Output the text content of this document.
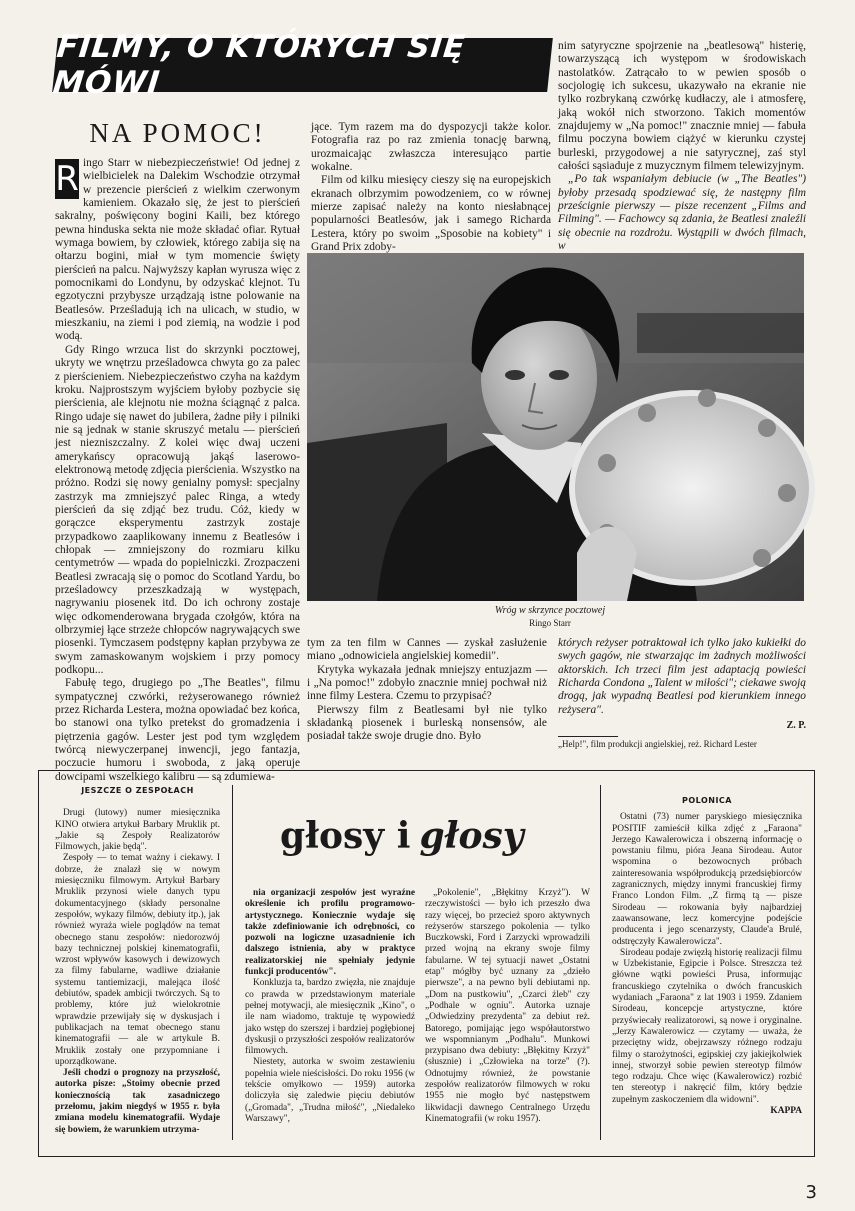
FILMY, O KTÓRYCH SIĘ MÓWI
NA POMOC!

R ingo Starr w niebezpieczeństwie! Od jednej z wielbicielek na Dalekim Wschodzie otrzymał w prezencie pierścień z wielkim czerwonym kamieniem. Okazało się, że jest to pierścień sakralny, poświęcony bogini Kaili, bez którego pewna hinduska sekta nie może składać ofiar. Rytuał wymaga bowiem, by człowiek, którego zabija się na ołtarzu bogini, miał w tym momencie święty pierścień na palcu. Najwyższy kapłan wyrusza więc z pomocnikami do Londynu, by odzyskać klejnot. Tu egzotyczni przybysze urządzają istne polowanie na Beatlesów. Prześladują ich na ulicach, w studio, w mieszkaniu, na ziemi i pod ziemią, na wodzie i pod wodą.

Gdy Ringo wrzuca list do skrzynki pocztowej, ukryty we wnętrzu prześladowca chwyta go za palec z pierścieniem. Niebezpieczeństwo czyha na każdym kroku. Najprostszym wyjściem byłoby pozbycie się pierścienia, ale klejnotu nie można ściągnąć z palca. Ringo udaje się nawet do jubilera, żadne piły i pilniki nie są jednak w stanie skruszyć metalu — pierścień jest niezniszczalny. Z kolei więc dwaj uczeni amerykańscy opracowują jakąś laserowo-elektronową metodę zdjęcia pierścienia. Wszystko na próżno. Rodzi się nowy genialny pomysł: specjalny zastrzyk ma zmniejszyć palec Ringa, a wtedy pierścień da się zdjąć bez trudu. Cóż, kiedy w gorączce eksperymentu zastrzyk zostaje przypadkowo zaaplikowany innemu z Beatlesów i chłopak — zmniejszony do rozmiaru kilku centymetrów — wpada do popielniczki. Zrozpaczeni Beatlesi zwracają się o pomoc do Scotland Yardu, bo prześladowcy przeszkadzają w występach, nagrywaniu piosenek itd. Do ich ochrony zostaje więc odkomenderowana brygada czołgów, która na olbrzymiej łące strzeże chłopców nagrywających swe piosenki. Tymczasem podstępny kapłan przybywa ze swym zamaskowanym wojskiem i przy pomocy podkopu...

Fabułę tego, drugiego po „The Beatles", filmu sympatycznej czwórki, reżyserowanego również przez Richarda Lestera, można opowiadać bez końca, bo stanowi ona tylko pretekst do gromadzenia i piętrzenia gagów. Lester jest pod tym względem twórcą niewyczerpanej inwencji, jego fantazja, poczucie humoru i swoboda, z jaką operuje dowcipami wszelkiego kalibru — są zdumiewa-

jące. Tym razem ma do dyspozycji także kolor. Fotografia raz po raz zmienia tonację barwną, urozmaicając zwłaszcza interesująco partie wokalne.

Film od kilku miesięcy cieszy się na europejskich ekranach olbrzymim powodzeniem, co w równej mierze zapisać należy na konto niesłabnącej popularności Beatlesów, jak i samego Richarda Lestera, który po swoim „Sposobie na kobiety" i Grand Prix zdoby-

nim satyryczne spojrzenie na „beatlesową" histerię, towarzyszącą ich występom w środowiskach nastolatków. Zatrącało to w pewien sposób o socjologię ich sukcesu, ukazywało na ekranie nie tylko rozbrykaną czwórkę kudłaczy, ale i atmosferę, jaką wokół nich stworzono. Takich momentów znajdujemy w „Na pomoc!" znacznie mniej — fabuła filmu poczyna bowiem ciążyć w kierunku czystej burleski, przygodowej a nie satyrycznej, zaś styl całości sąsiaduje z muzycznym filmem telewizyjnym.

„Po tak wspaniałym debiucie (w „The Beatles") byłoby przesadą spodziewać się, że następny film prześcignie pierwszy — pisze recenzent „Films and Filming". — Fachowcy są zdania, że Beatlesi znaleźli się obecnie na rozdrożu. Wystąpili w dwóch filmach, w

Wróg w skrzynce pocztowej
Ringo Starr

tym za ten film w Cannes — zyskał zasłużenie miano „odnowiciela angielskiej komedii".

Krytyka wykazała jednak mniejszy entuzjazm — i „Na pomoc!" zdobyło znacznie mniej pochwał niż inne filmy Lestera. Czemu to przypisać?

Pierwszy film z Beatlesami był nie tylko składanką piosenek i burleską nonsensów, ale posiadał także swoje drugie dno. Było

których reżyser potraktował ich tylko jako kukiełki do swych gagów, nie stwarzając im żadnych możliwości aktorskich. Ich trzeci film jest adaptacją powieści Richarda Condona „Talent w miłości"; ciekawe swoją drogą, jak wypadną Beatlesi pod kierunkiem innego reżysera".

Z. P.
„Help!", film produkcji angielskiej, reż. Richard Lester
głosy i głosy
JESZCZE O ZESPOŁACH

Drugi (lutowy) numer miesięcznika KINO otwiera artykuł Barbary Mruklik pt. „Jakie są Zespoły Realizatorów Filmowych, jakie będą".

Zespoły — to temat ważny i ciekawy. I dobrze, że znalazł się w nowym miesięczniku filmowym. Artykuł Barbary Mruklik przynosi wiele danych typu dokumentacyjnego (składy personalne zespołów, wykazy filmów, debiuty itp.), jak również wyraża wiele poglądów na temat obecnego stanu zespołów: niedorozwój bazy technicznej polskiej kinematografii, wzrost wpływów kasowych i dewizowych za filmy fabularne, wadliwe działanie systemu tantiemizacji, malejąca ilość debiutów, spadek ambicji twórczych. Są to problemy, które już wielokrotnie wprawdzie przewijały się w dyskusjach i publikacjach na temat obecnego stanu kinematografii — ale w artykule B. Mruklik zostały one przypomniane i uporządkowane.

Jeśli chodzi o prognozy na przyszłość, autorka pisze: „Stoimy obecnie przed koniecznością tak zasadniczego przełomu, jakim niegdyś w 1955 r. była zmiana modelu kinematografii. Wydaje się bowiem, że warunkiem utrzyma-

nia organizacji zespołów jest wyraźne określenie ich profilu programowo-artystycznego. Koniecznie wydaje się także zdefiniowanie ich odrębności, co pozwoli na logiczne uzasadnienie ich dalszego istnienia, aby w praktyce realizatorskiej nie spełniały jedynie funkcji producentów".

Konkluzja ta, bardzo zwięzła, nie znajduje co prawda w przedstawionym materiale pełnej motywacji, ale miesięcznik „Kino", o ile nam wiadomo, traktuje tę wypowiedź jako wstęp do szerszej i bardziej pogłębionej dyskusji o przyszłości zespołów realizatorów filmowych.

Niestety, autorka w swoim zestawieniu popełnia wiele nieścisłości. Do roku 1956 (w tekście omyłkowo — 1959) autorka doliczyła się zaledwie pięciu debiutów („Gromada", „Trudna miłość", „Niedaleko Warszawy",

„Pokolenie", „Błękitny Krzyż"). W rzeczywistości — było ich przeszło dwa razy więcej, bo przecież sporo aktywnych reżyserów starszego pokolenia — tylko Buczkowski, Ford i Zarzycki wprowadzili przed wojną na ekrany swoje filmy fabularne. W tej sytuacji nawet „Ostatni etap" mógłby być uznany za „dzieło pierwsze", a na pewno byli debiutami np. „Dom na pustkowiu", „Czarci żleb" czy „Podhale w ogniu". Autorka uznaje „Odwiedziny prezydenta" za debiut reż. Batorego, pomijając jego współautorstwo we wspomnianym „Podhalu". Munkowi przypisano dwa debiuty: „Błękitny Krzyż" (słusznie) i „Człowieka na torze" (?). Odnotujmy również, że powstanie zespołów realizatorów filmowych w roku 1955 nie mogło być następstwem likwidacji dawnego Centralnego Urzędu Kinematografii (w roku 1957).

POLONICA

Ostatni (73) numer paryskiego miesięcznika POSITIF zamieścił kilka zdjęć z „Faraona" Jerzego Kawalerowicza i obszerną informację o powstaniu filmu, pióra Jeana Sirodeau. Autor wspomina o bezowocnych próbach zainteresowania współprodukcją przedsiębiorców zagranicznych, między innymi francuskiej firmy Franco London Film. „Z firmą tą — pisze Sirodeau — rokowania były najbardziej zaawansowane, lecz komercyjne podejście producenta i jego scenarzysty, Claude'a Brulé, odstręczyły Kawalerowicza".

Sirodeau podaje zwięzłą historię realizacji filmu w Uzbekistanie, Egipcie i Polsce. Streszcza też główne wątki powieści Prusa, informując francuskiego czytelnika o dwóch francuskich wydaniach „Faraona" z lat 1903 i 1959. Zdaniem Sirodeau, koncepcje artystyczne, które przyświecały realizatorowi, są nowe i oryginalne. „Jerzy Kawalerowicz — czytamy — uważa, że przeciętny widz, obejrzawszy różnego rodzaju filmy o starożytności, egipskiej czy jakiejkolwiek innej, stworzył sobie pewien stereotyp filmów tego rodzaju. Chce więc (Kawalerowicz) rozbić ten stereotyp i nakręcić film, który będzie zupełnym zaskoczeniem dla widowni".

KAPPA
3
